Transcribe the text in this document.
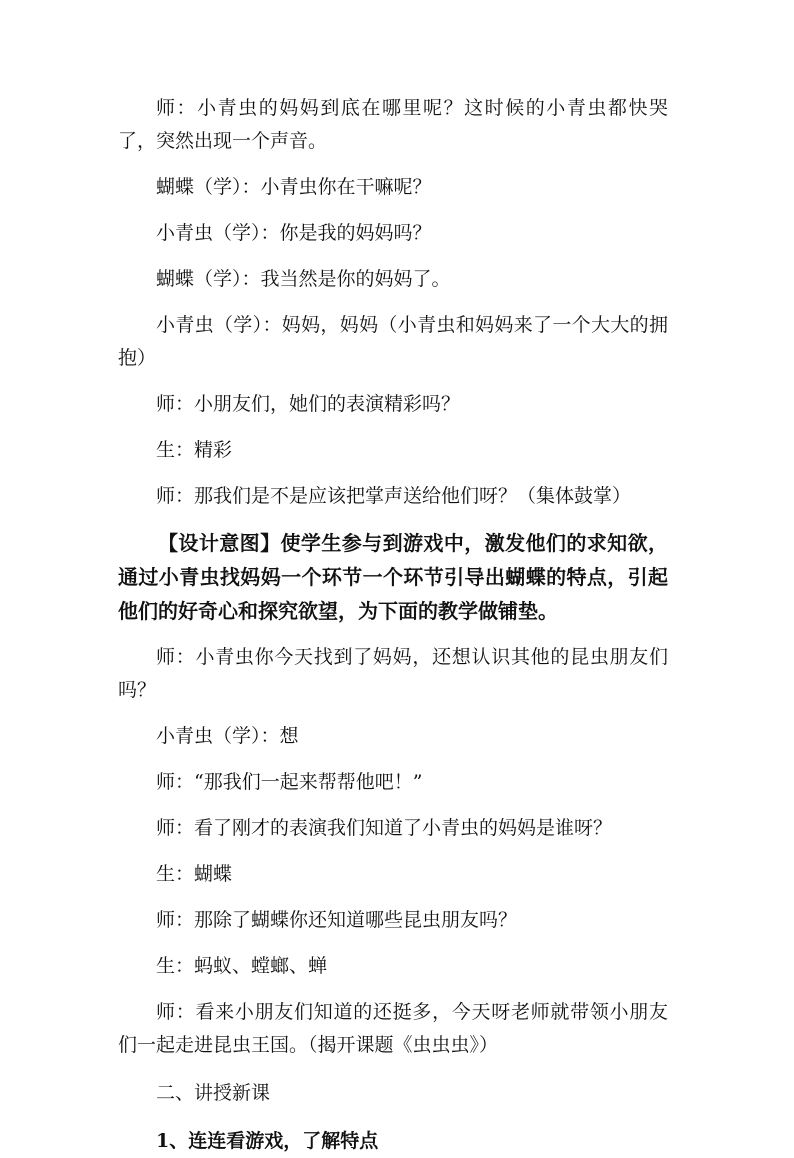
师：小青虫的妈妈到底在哪里呢？这时候的小青虫都快哭了，突然出现一个声音。

蝴蝶（学）：小青虫你在干嘛呢？

小青虫（学）：你是我的妈妈吗？

蝴蝶（学）：我当然是你的妈妈了。

小青虫（学）：妈妈，妈妈（小青虫和妈妈来了一个大大的拥抱）

师：小朋友们，她们的表演精彩吗？

生：精彩

师：那我们是不是应该把掌声送给他们呀？（集体鼓掌）

【设计意图】使学生参与到游戏中，激发他们的求知欲，通过小青虫找妈妈一个环节一个环节引导出蝴蝶的特点，引起他们的好奇心和探究欲望，为下面的教学做铺垫。

师：小青虫你今天找到了妈妈，还想认识其他的昆虫朋友们吗？

小青虫（学）：想

师：“那我们一起来帮帮他吧！”

师：看了刚才的表演我们知道了小青虫的妈妈是谁呀？

生：蝴蝶

师：那除了蝴蝶你还知道哪些昆虫朋友吗？

生：蚂蚁、螳螂、蝉

师：看来小朋友们知道的还挺多，今天呀老师就带领小朋友们一起走进昆虫王国。（揭开课题《虫虫虫》）

二、讲授新课

1、连连看游戏，了解特点
